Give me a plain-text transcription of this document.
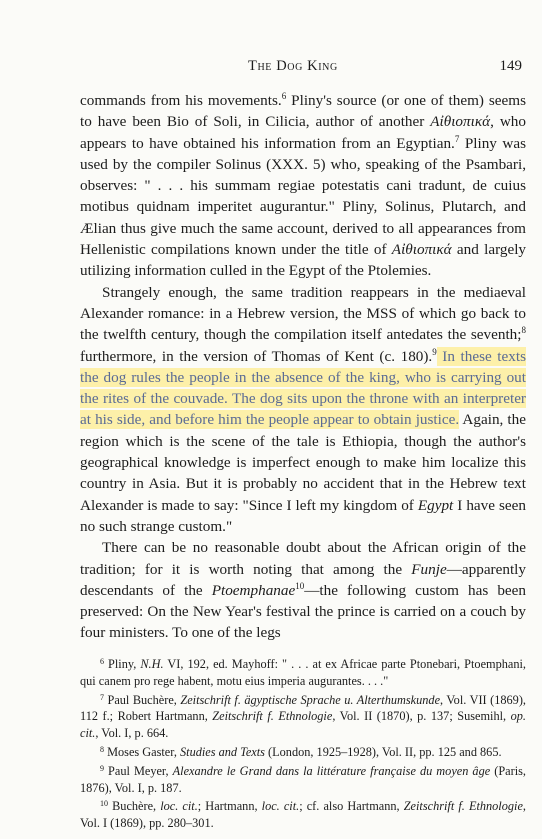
The Dog King	149

commands from his movements.$^6$ Pliny's source (or one of them) seems to have been Bio of Soli, in Cilicia, author of another Aἰθιοπικά, who appears to have obtained his information from an Egyptian.$^7$ Pliny was used by the compiler Solinus (XXX. 5) who, speaking of the Psambari, observes: " . . . his summam regiae potestatis cani tradunt, de cuius motibus quidnam imperitet augurantur." Pliny, Solinus, Plutarch, and Ælian thus give much the same account, derived to all appearances from Hellenistic compilations known under the title of Aἰθιοπικά and largely utilizing information culled in the Egypt of the Ptolemies.

Strangely enough, the same tradition reappears in the mediaeval Alexander romance: in a Hebrew version, the MSS of which go back to the twelfth century, though the compilation itself antedates the seventh;$^8$ furthermore, in the version of Thomas of Kent (c. 180).$^9$ In these texts the dog rules the people in the absence of the king, who is carrying out the rites of the couvade. The dog sits upon the throne with an interpreter at his side, and before him the people appear to obtain justice. Again, the region which is the scene of the tale is Ethiopia, though the author's geographical knowledge is imperfect enough to make him localize this country in Asia. But it is probably no accident that in the Hebrew text Alexander is made to say: "Since I left my kingdom of Egypt I have seen no such strange custom."

There can be no reasonable doubt about the African origin of the tradition; for it is worth noting that among the Funje—apparently descendants of the Ptoemphanae$^{10}$—the following custom has been preserved: On the New Year's festival the prince is carried on a couch by four ministers. To one of the legs

$^6$ Pliny, N.H. VI, 192, ed. Mayhoff: " . . . at ex Africae parte Ptonebari, Ptoemphani, qui canem pro rege habent, motu eius imperia augurantes. . . ."

$^7$ Paul Buchère, Zeitschrift f. ägyptische Sprache u. Alterthumskunde, Vol. VII (1869), 112 f.; Robert Hartmann, Zeitschrift f. Ethnologie, Vol. II (1870), p. 137; Susemihl, op. cit., Vol. I, p. 664.

$^8$ Moses Gaster, Studies and Texts (London, 1925–1928), Vol. II, pp. 125 and 865.

$^9$ Paul Meyer, Alexandre le Grand dans la littérature française du moyen âge (Paris, 1876), Vol. I, p. 187.

$^{10}$ Buchère, loc. cit.; Hartmann, loc. cit.; cf. also Hartmann, Zeitschrift f. Ethnologie, Vol. I (1869), pp. 280–301.
